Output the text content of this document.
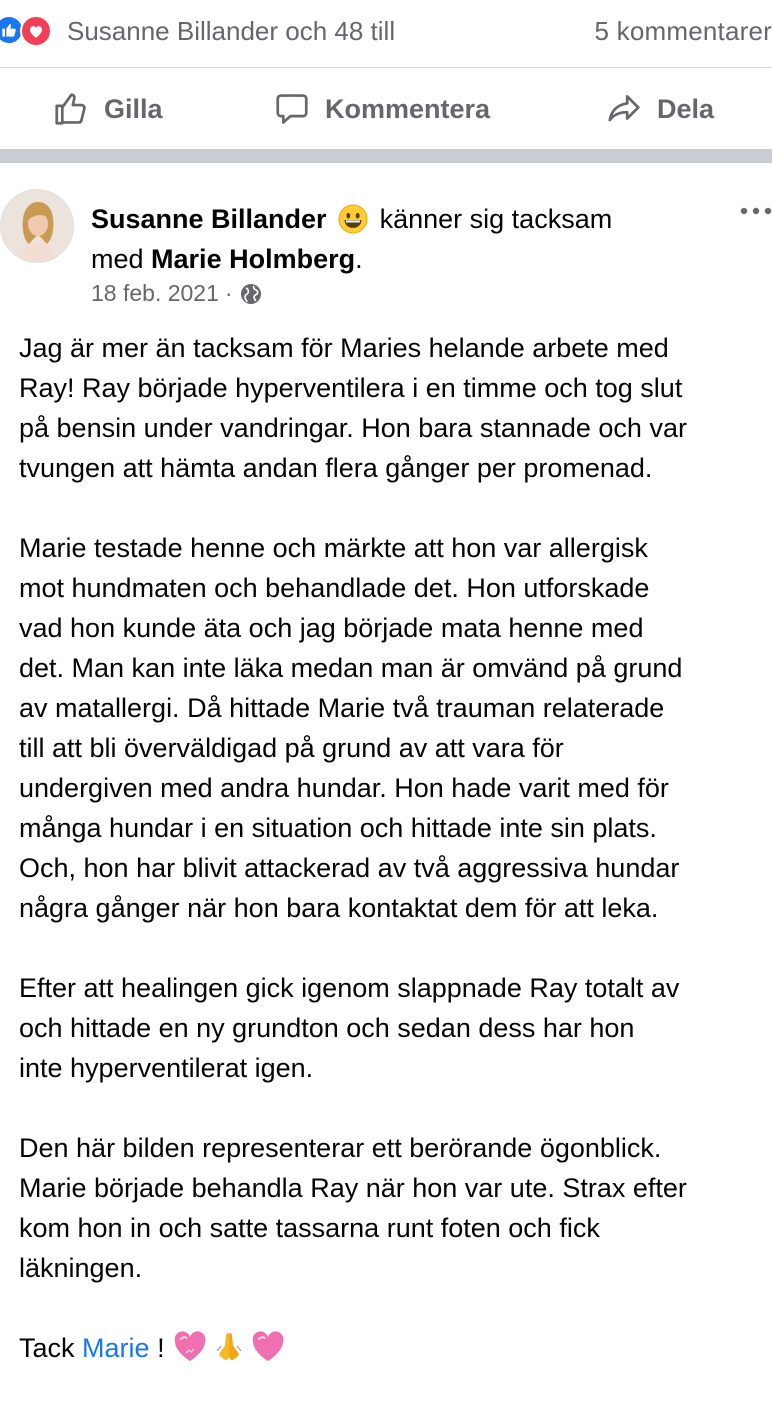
Susanne Billander och 48 till	5 kommentarer
Gilla	Kommentera	Dela
Susanne Billander känner sig tacksam
med Marie Holmberg.
18 feb. 2021 ·

Jag är mer än tacksam för Maries helande arbete med
Ray! Ray började hyperventilera i en timme och tog slut
på bensin under vandringar. Hon bara stannade och var
tvungen att hämta andan flera gånger per promenad.

Marie testade henne och märkte att hon var allergisk
mot hundmaten och behandlade det. Hon utforskade
vad hon kunde äta och jag började mata henne med
det. Man kan inte läka medan man är omvänd på grund
av matallergi. Då hittade Marie två trauman relaterade
till att bli överväldigad på grund av att vara för
undergiven med andra hundar. Hon hade varit med för
många hundar i en situation och hittade inte sin plats.
Och, hon har blivit attackerad av två aggressiva hundar
några gånger när hon bara kontaktat dem för att leka.

Efter att healingen gick igenom slappnade Ray totalt av
och hittade en ny grundton och sedan dess har hon
inte hyperventilerat igen.

Den här bilden representerar ett berörande ögonblick.
Marie började behandla Ray när hon var ute. Strax efter
kom hon in och satte tassarna runt foten och fick
läkningen.

Tack Marie !
